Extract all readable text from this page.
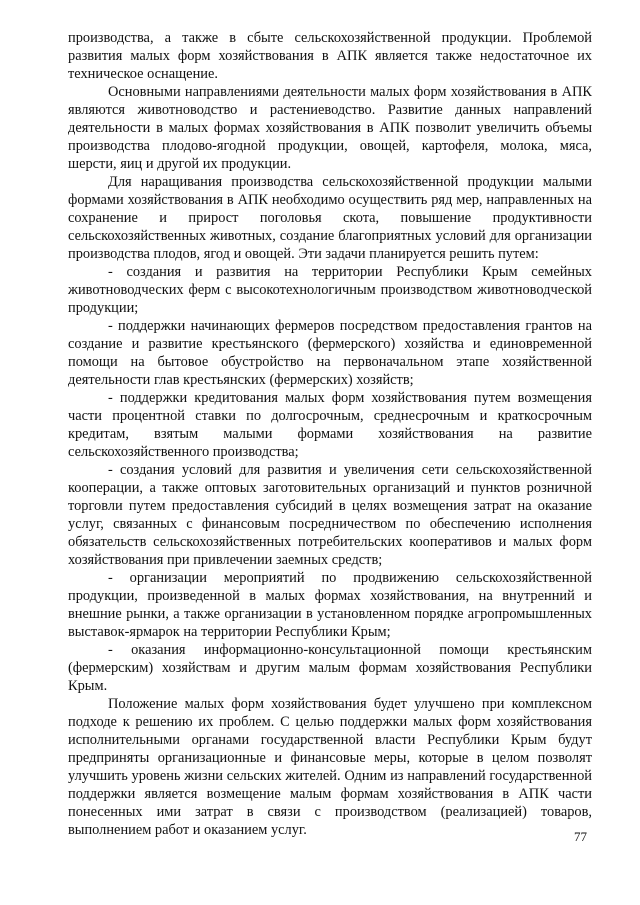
производства, а также в сбыте сельскохозяйственной продукции. Проблемой развития малых форм хозяйствования в АПК является также недостаточное их техническое оснащение.

Основными направлениями деятельности малых форм хозяйствования в АПК являются животноводство и растениеводство. Развитие данных направлений деятельности в малых формах хозяйствования в АПК позволит увеличить объемы производства плодово-ягодной продукции, овощей, картофеля, молока, мяса, шерсти, яиц и другой их продукции.

Для наращивания производства сельскохозяйственной продукции малыми формами хозяйствования в АПК необходимо осуществить ряд мер, направленных на сохранение и прирост поголовья скота, повышение продуктивности сельскохозяйственных животных, создание благоприятных условий для организации производства плодов, ягод и овощей. Эти задачи планируется решить путем:

- создания и развития на территории Республики Крым семейных животноводческих ферм с высокотехнологичным производством животноводческой продукции;

- поддержки начинающих фермеров посредством предоставления грантов на создание и развитие крестьянского (фермерского) хозяйства и единовременной помощи на бытовое обустройство на первоначальном этапе хозяйственной деятельности глав крестьянских (фермерских) хозяйств;

- поддержки кредитования малых форм хозяйствования путем возмещения части процентной ставки по долгосрочным, среднесрочным и краткосрочным кредитам, взятым малыми формами хозяйствования на развитие сельскохозяйственного производства;

- создания условий для развития и увеличения сети сельскохозяйственной кооперации, а также оптовых заготовительных организаций и пунктов розничной торговли путем предоставления субсидий в целях возмещения затрат на оказание услуг, связанных с финансовым посредничеством по обеспечению исполнения обязательств сельскохозяйственных потребительских кооперативов и малых форм хозяйствования при привлечении заемных средств;

- организации мероприятий по продвижению сельскохозяйственной продукции, произведенной в малых формах хозяйствования, на внутренний и внешние рынки, а также организации в установленном порядке агропромышленных выставок-ярмарок на территории Республики Крым;

- оказания информационно-консультационной помощи крестьянским (фермерским) хозяйствам и другим малым формам хозяйствования Республики Крым.

Положение малых форм хозяйствования будет улучшено при комплексном подходе к решению их проблем. С целью поддержки малых форм хозяйствования исполнительными органами государственной власти Республики Крым будут предприняты организационные и финансовые меры, которые в целом позволят улучшить уровень жизни сельских жителей. Одним из направлений государственной поддержки является возмещение малым формам хозяйствования в АПК части понесенных ими затрат в связи с производством (реализацией) товаров, выполнением работ и оказанием услуг.	77
